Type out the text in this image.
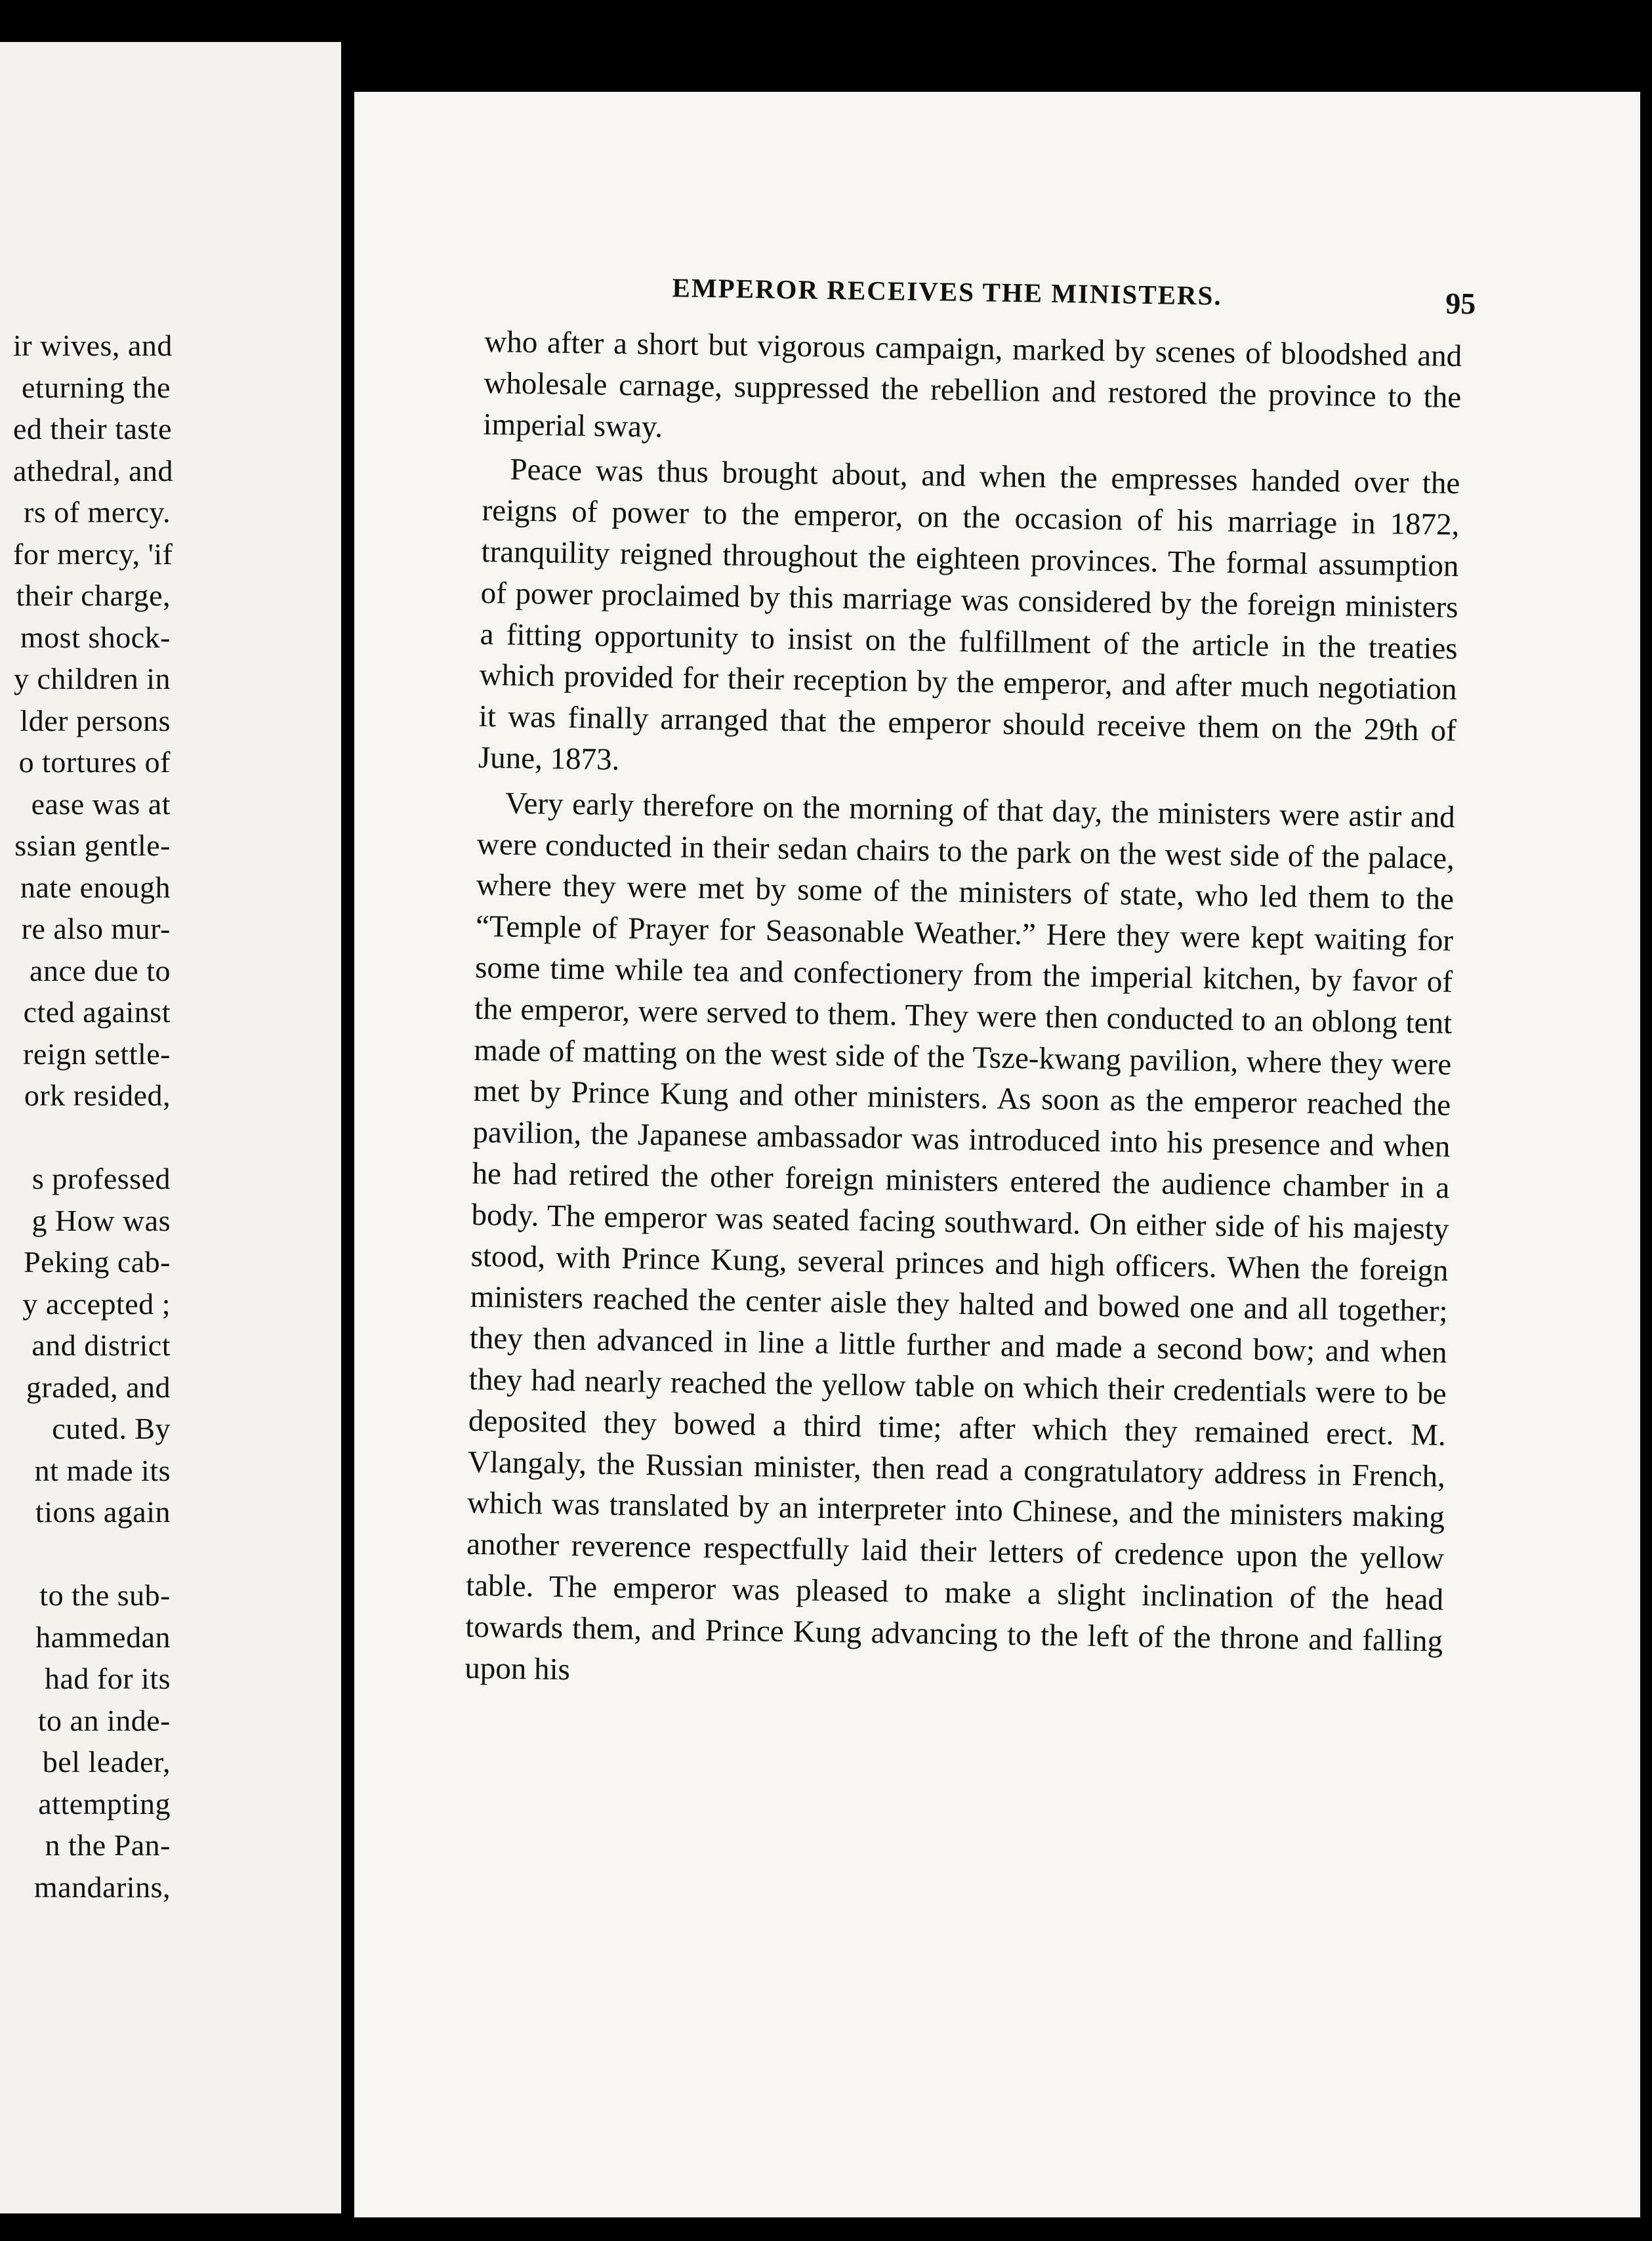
ir wives, and
eturning the
ed their taste
athedral, and
rs of mercy.
for mercy, 'if
their charge,
most shock-
y children in
lder persons
o tortures of
ease was at
ssian gentle-
nate enough
re also mur-
ance due to
cted against
reign settle-
ork resided,
s professed
g How was
Peking cab-
y accepted ;
and district
graded, and
cuted. By
nt made its
tions again
to the sub-
hammedan
had for its
to an inde-
bel leader,
attempting
n the Pan-
mandarins,
EMPEROR RECEIVES THE MINISTERS.	95

who after a short but vigorous campaign, marked by scenes of bloodshed and wholesale carnage, suppressed the rebellion and restored the province to the imperial sway.

Peace was thus brought about, and when the empresses handed over the reigns of power to the emperor, on the occasion of his marriage in 1872, tranquility reigned throughout the eighteen provinces. The formal assumption of power proclaimed by this marriage was considered by the foreign ministers a fitting opportunity to insist on the fulfillment of the article in the treaties which provided for their reception by the emperor, and after much negotiation it was finally arranged that the emperor should receive them on the 29th of June, 1873.

Very early therefore on the morning of that day, the ministers were astir and were conducted in their sedan chairs to the park on the west side of the palace, where they were met by some of the ministers of state, who led them to the “Temple of Prayer for Seasonable Weather.” Here they were kept waiting for some time while tea and confectionery from the imperial kitchen, by favor of the emperor, were served to them. They were then conducted to an oblong tent made of matting on the west side of the Tsze-kwang pavilion, where they were met by Prince Kung and other ministers. As soon as the emperor reached the pavilion, the Japanese ambassador was introduced into his presence and when he had retired the other foreign ministers entered the audience chamber in a body. The emperor was seated facing southward. On either side of his majesty stood, with Prince Kung, several princes and high officers. When the foreign ministers reached the center aisle they halted and bowed one and all together; they then advanced in line a little further and made a second bow; and when they had nearly reached the yellow table on which their credentials were to be deposited they bowed a third time; after which they remained erect. M. Vlangaly, the Russian minister, then read a congratulatory address in French, which was translated by an interpreter into Chinese, and the ministers making another reverence respectfully laid their letters of credence upon the yellow table. The emperor was pleased to make a slight inclination of the head towards them, and Prince Kung advancing to the left of the throne and falling upon his
